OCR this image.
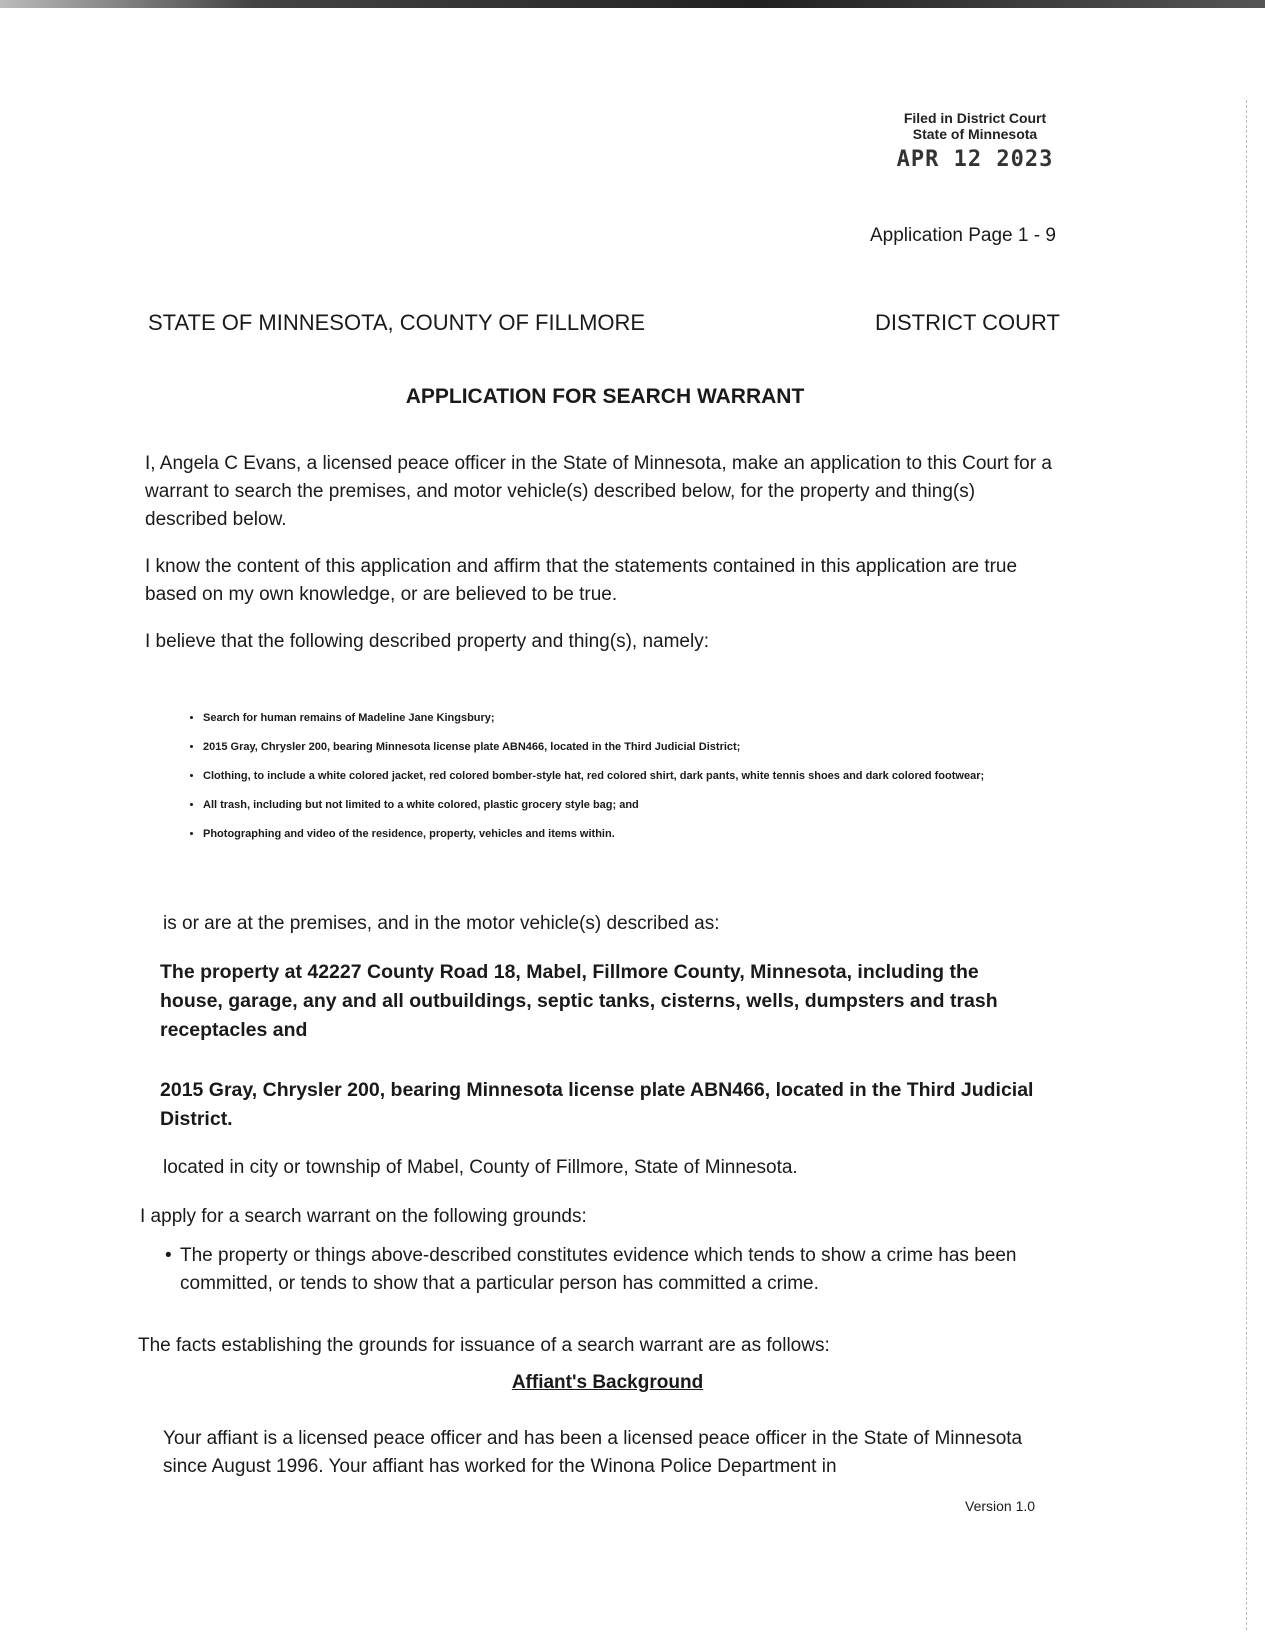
Filed in District Court
State of Minnesota
APR 12 2023
Application Page 1 - 9
STATE OF MINNESOTA, COUNTY OF FILLMORE	DISTRICT COURT
APPLICATION FOR SEARCH WARRANT
I, Angela C Evans, a licensed peace officer in the State of Minnesota, make an application to this Court for a warrant to search the premises, and motor vehicle(s) described below, for the property and thing(s) described below.
I know the content of this application and affirm that the statements contained in this application are true based on my own knowledge, or are believed to be true.
I believe that the following described property and thing(s), namely:
• Search for human remains of Madeline Jane Kingsbury;
• 2015 Gray, Chrysler 200, bearing Minnesota license plate ABN466, located in the Third Judicial District;
• Clothing, to include a white colored jacket, red colored bomber-style hat, red colored shirt, dark pants, white tennis shoes and dark colored footwear;
• All trash, including but not limited to a white colored, plastic grocery style bag; and
• Photographing and video of the residence, property, vehicles and items within.
is or are at the premises, and in the motor vehicle(s) described as:
The property at 42227 County Road 18, Mabel, Fillmore County, Minnesota, including the house, garage, any and all outbuildings, septic tanks, cisterns, wells, dumpsters and trash receptacles and
2015 Gray, Chrysler 200, bearing Minnesota license plate ABN466, located in the Third Judicial District.
located in city or township of Mabel, County of Fillmore, State of Minnesota.
I apply for a search warrant on the following grounds:
• The property or things above-described constitutes evidence which tends to show a crime has been committed, or tends to show that a particular person has committed a crime.
The facts establishing the grounds for issuance of a search warrant are as follows:
Affiant's Background
Your affiant is a licensed peace officer and has been a licensed peace officer in the State of Minnesota since August 1996. Your affiant has worked for the Winona Police Department in
Version 1.0
